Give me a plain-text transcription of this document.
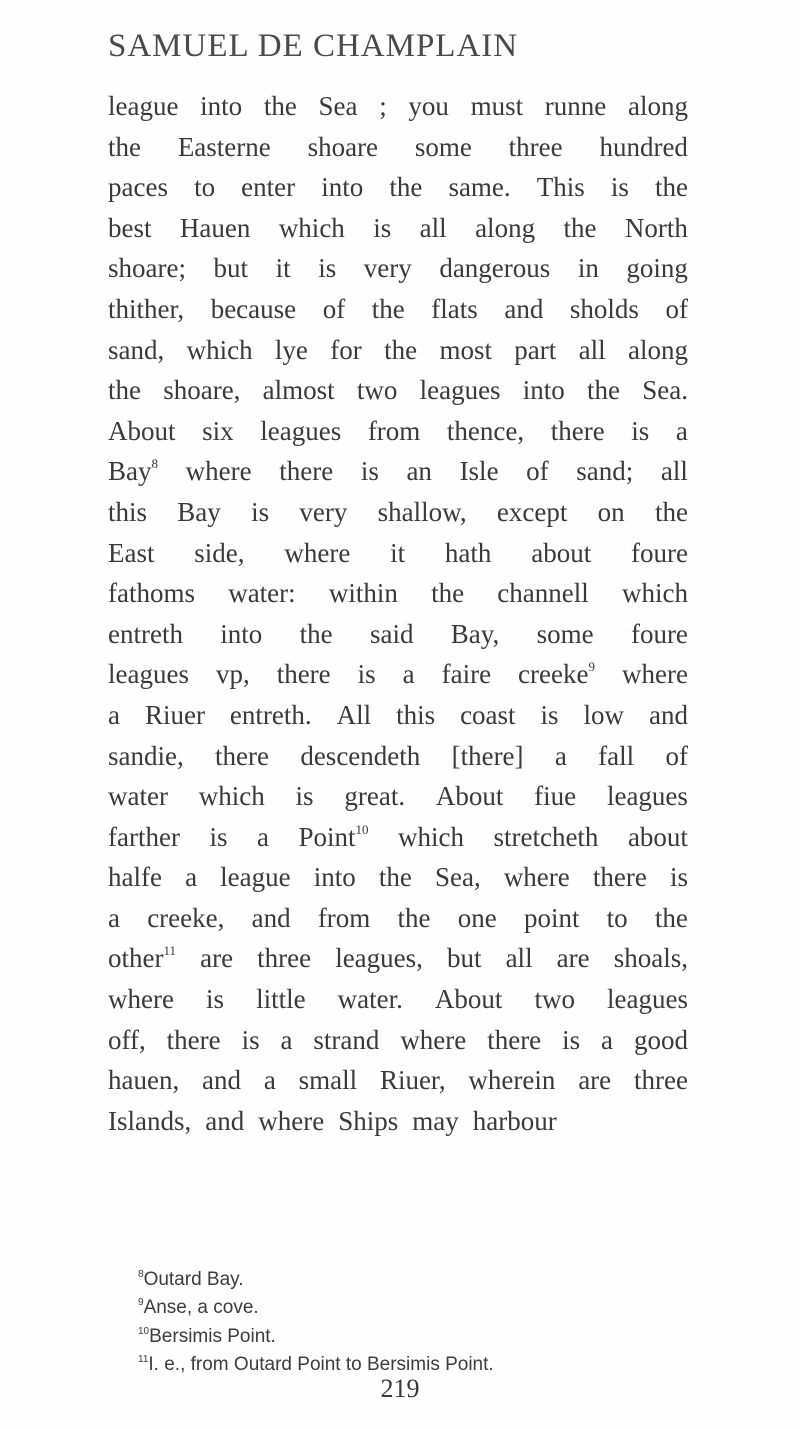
SAMUEL DE CHAMPLAIN
league into the Sea ; you must runne along
the Easterne shoare some three hundred
paces to enter into the same. This is the
best Hauen which is all along the North
shoare; but it is very dangerous in going
thither, because of the flats and sholds of
sand, which lye for the most part all along
the shoare, almost two leagues into the Sea.
About six leagues from thence, there is a
Bay$^8$ where there is an Isle of sand; all
this Bay is very shallow, except on the
East side, where it hath about foure
fathoms water: within the channell which
entreth into the said Bay, some foure
leagues vp, there is a faire creeke$^9$ where
a Riuer entreth. All this coast is low and
sandie, there descendeth [there] a fall of
water which is great. About fiue leagues
farther is a Point$^{10}$ which stretcheth about
halfe a league into the Sea, where there is
a creeke, and from the one point to the
other$^{11}$ are three leagues, but all are shoals,
where is little water. About two leagues
off, there is a strand where there is a good
hauen, and a small Riuer, wherein are three
Islands, and where Ships may harbour
$^8$Outard Bay.
$^9$Anse, a cove.
$^{10}$Bersimis Point.
$^{11}$I. e., from Outard Point to Bersimis Point.
219
